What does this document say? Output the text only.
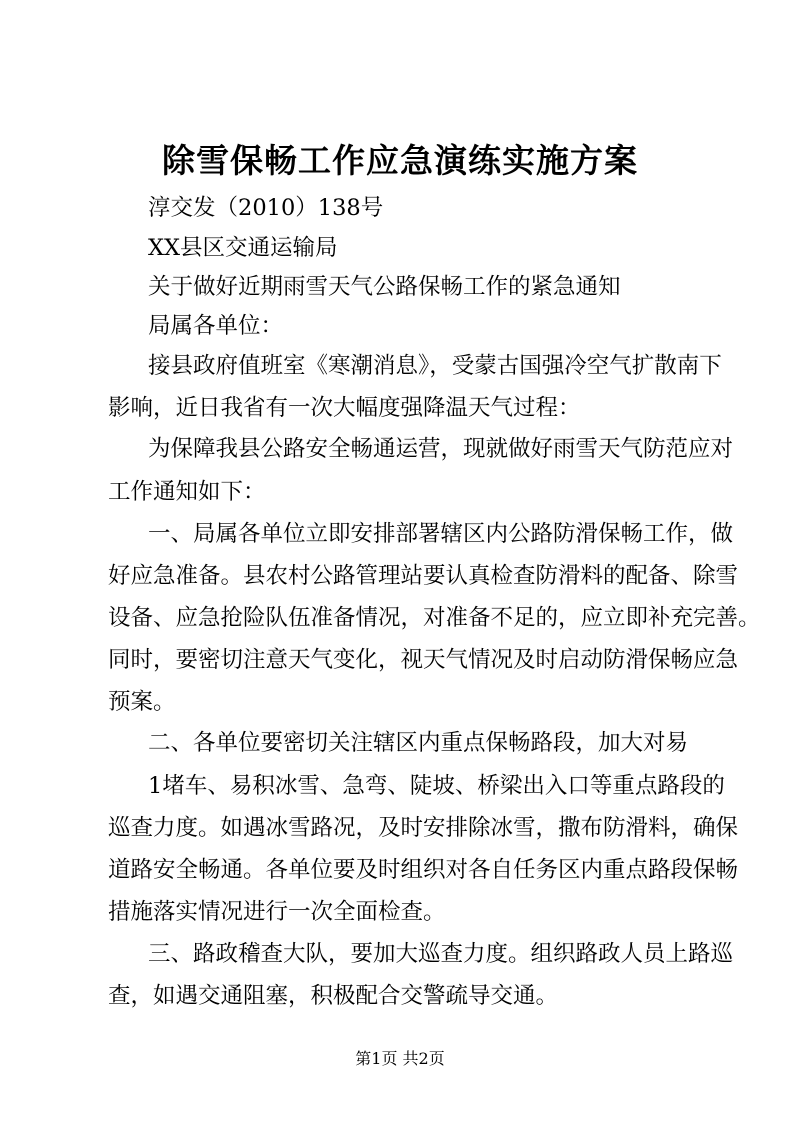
除雪保畅工作应急演练实施方案
淳交发（2010）138号
XX县区交通运输局
关于做好近期雨雪天气公路保畅工作的紧急通知
局属各单位：
接县政府值班室《寒潮消息》，受蒙古国强冷空气扩散南下
影响，近日我省有一次大幅度强降温天气过程：
为保障我县公路安全畅通运营，现就做好雨雪天气防范应对
工作通知如下：
一、局属各单位立即安排部署辖区内公路防滑保畅工作，做
好应急准备。县农村公路管理站要认真检查防滑料的配备、除雪
设备、应急抢险队伍准备情况，对准备不足的，应立即补充完善。
同时，要密切注意天气变化，视天气情况及时启动防滑保畅应急
预案。
二、各单位要密切关注辖区内重点保畅路段，加大对易
1堵车、易积冰雪、急弯、陡坡、桥梁出入口等重点路段的
巡查力度。如遇冰雪路况，及时安排除冰雪，撒布防滑料，确保
道路安全畅通。各单位要及时组织对各自任务区内重点路段保畅
措施落实情况进行一次全面检查。
三、路政稽查大队，要加大巡查力度。组织路政人员上路巡
查，如遇交通阻塞，积极配合交警疏导交通。
第1页 共2页
